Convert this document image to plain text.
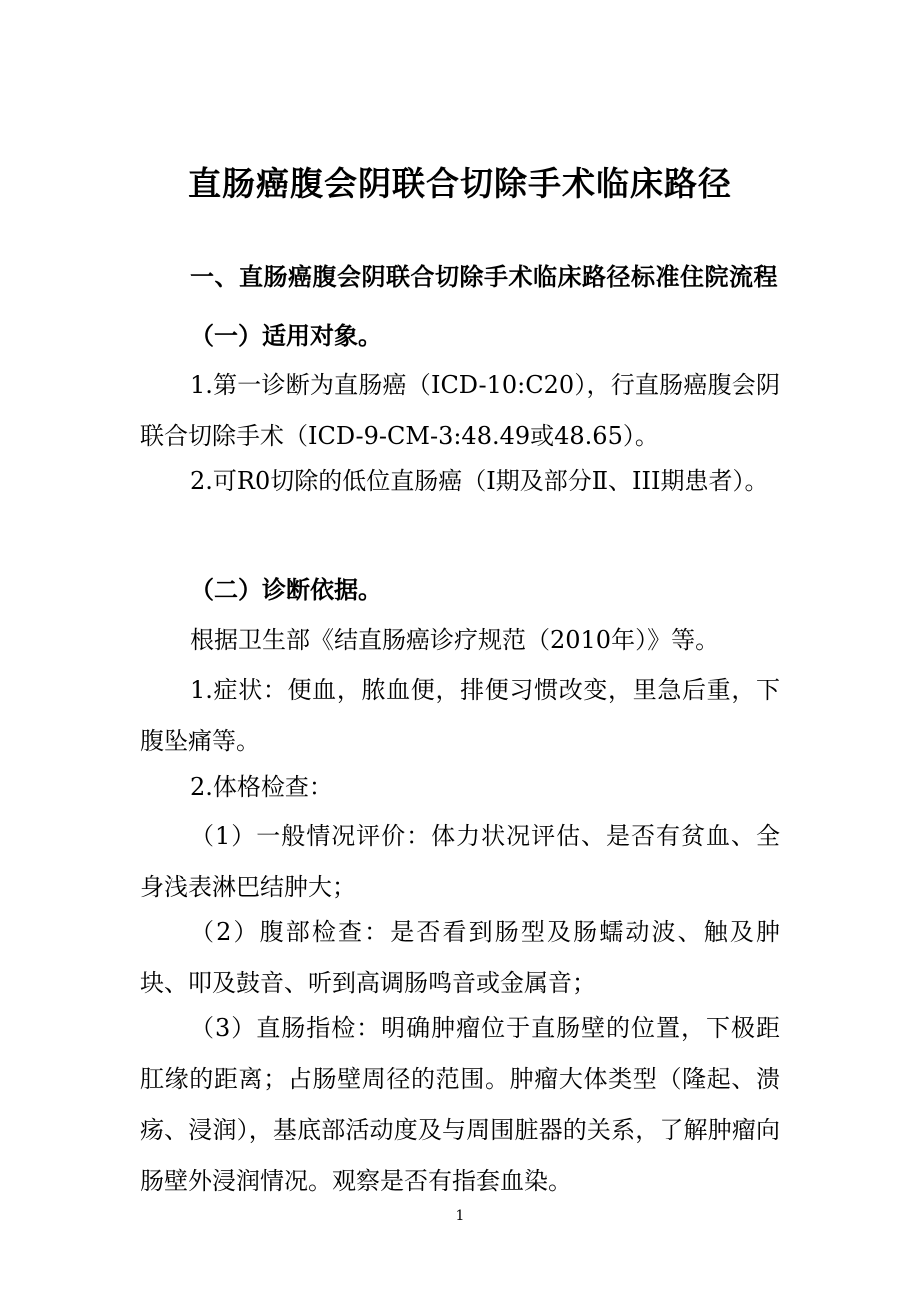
直肠癌腹会阴联合切除手术临床路径
一、直肠癌腹会阴联合切除手术临床路径标准住院流程
（一）适用对象。
1.第一诊断为直肠癌（ICD-10:C20），行直肠癌腹会阴联合切除手术（ICD-9-CM-3:48.49或48.65）。
2.可R0切除的低位直肠癌（Ⅰ期及部分Ⅱ、III期患者）。
（二）诊断依据。
根据卫生部《结直肠癌诊疗规范（2010年）》等。
1.症状：便血，脓血便，排便习惯改变，里急后重，下腹坠痛等。
2.体格检查：
（1）一般情况评价：体力状况评估、是否有贫血、全身浅表淋巴结肿大；
（2）腹部检查：是否看到肠型及肠蠕动波、触及肿块、叩及鼓音、听到高调肠鸣音或金属音；
（3）直肠指检：明确肿瘤位于直肠壁的位置，下极距肛缘的距离；占肠壁周径的范围。肿瘤大体类型（隆起、溃疡、浸润），基底部活动度及与周围脏器的关系，了解肿瘤向肠壁外浸润情况。观察是否有指套血染。
1
